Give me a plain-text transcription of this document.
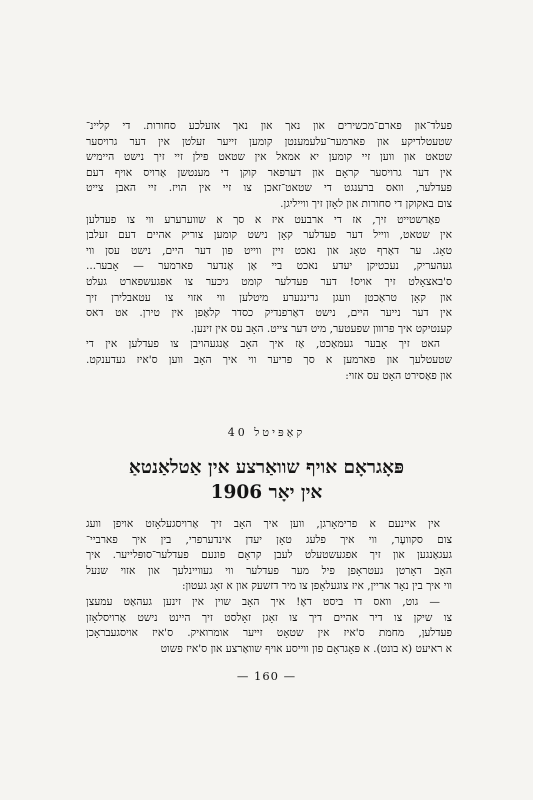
פעלד־און פארם־מכשירים און נאך און נאך אזעלכע סחורות. די קליינ־
שטעטלדיקע און פארמער־עלעמענטן קומען זייער זעלטן אין דער גרויסער
שטאט און ווען זיי קומען יא אמאל אין שטאט פילן זיי זיך נישט היימיש
אין דער גרויסער קראָם און דערפאר קוקן די מענטשן אַרויס אויף דעם
פעדלער, וואס ברענגט די שטאט־זאכן צו זיי אין הויז. זיי האבן צייט
צום באקוקן די סחורות און לאָזן זיך ווייליגן.

פאַרשטייט זיך, אז די ארבעט איז א סך א שווערערע ווי צו פעדלען
אין שטאט, ווייל דער פעדלער קאָן נישט קומען צוריק אהיים דעם זעלבן
טאָג. ער דאַרף טאָג און נאכט זיין ווייט פון דער היים, נישט עסן ווי
געהעריק, נעכטיקן יעדע נאכט ביי אַן אַנדער פארמער — אָבער...
ס'באצאָלט זיך אויס! דער פעדלער קומט גיכער צו אפגעשפארט געלט
און קאָן טראַכטן וועגן גרינגערע מיטלען ווי אזוי צו עטאבלירן זיך
אין דער נייער היים, נישט דאַרפנדיק כסדר קלאַפן אין טירן. אט דאס
קענטיקט איך פרווון שפעטער, מיט דער צייט. האָב עס אין זינען.

האט זיך אָבער געמאַכט, אַז איך האָב אַנגעהויבן צו פעדלען אין די
שטעטלעך און פארמען א סך פריער ווי איך האָב ווען ס'איז געדענקט.
און פאַסירט האָט עס אזוי:

קאַפּיטל 40
פּאָגראָם אויף שוואַרצע אין אַטלאַנטאַ
אין יאָר 1906

אין איינעם א פרימאָרגן, ווען איך האָב זיך אַרויסגעלאָזט אויפן וועג
צום סקוועָר, ווי איך פלעג טאָן יעדן אינדערפרי, בין איך פארביי־
געגאַנגען און זיך אפגעשטעלט לעבן קראָם פונעם פעדלער־סופּלייער. איך
האָב דאָרטן געטראָפן פיל מער פעדלער ווי געוויינלעך און אזוי שנעל
ווי איך בין נאָר אריין, איז צוגעלאָפן צו מיר דזשעק און א זאָג געטון:

— גוט, וואס דו ביסט דאָ! איך האָב שוין אין זינען געהאַט עמעצן
צו שיקן צו דיר אהיים דיך צו זאָגן זאָלסט זיך היינט נישט אַרויסלאָזן
פעדלען, מחמת ס'איז אין שטאָט זייער אומרואיק. ס'איז אויסגעבראָכן
א ראיעט (א בונט). א פּאָגראָם פון ווייסע אויף שוואַרצע און ס'איז פשוט

— 160 —
